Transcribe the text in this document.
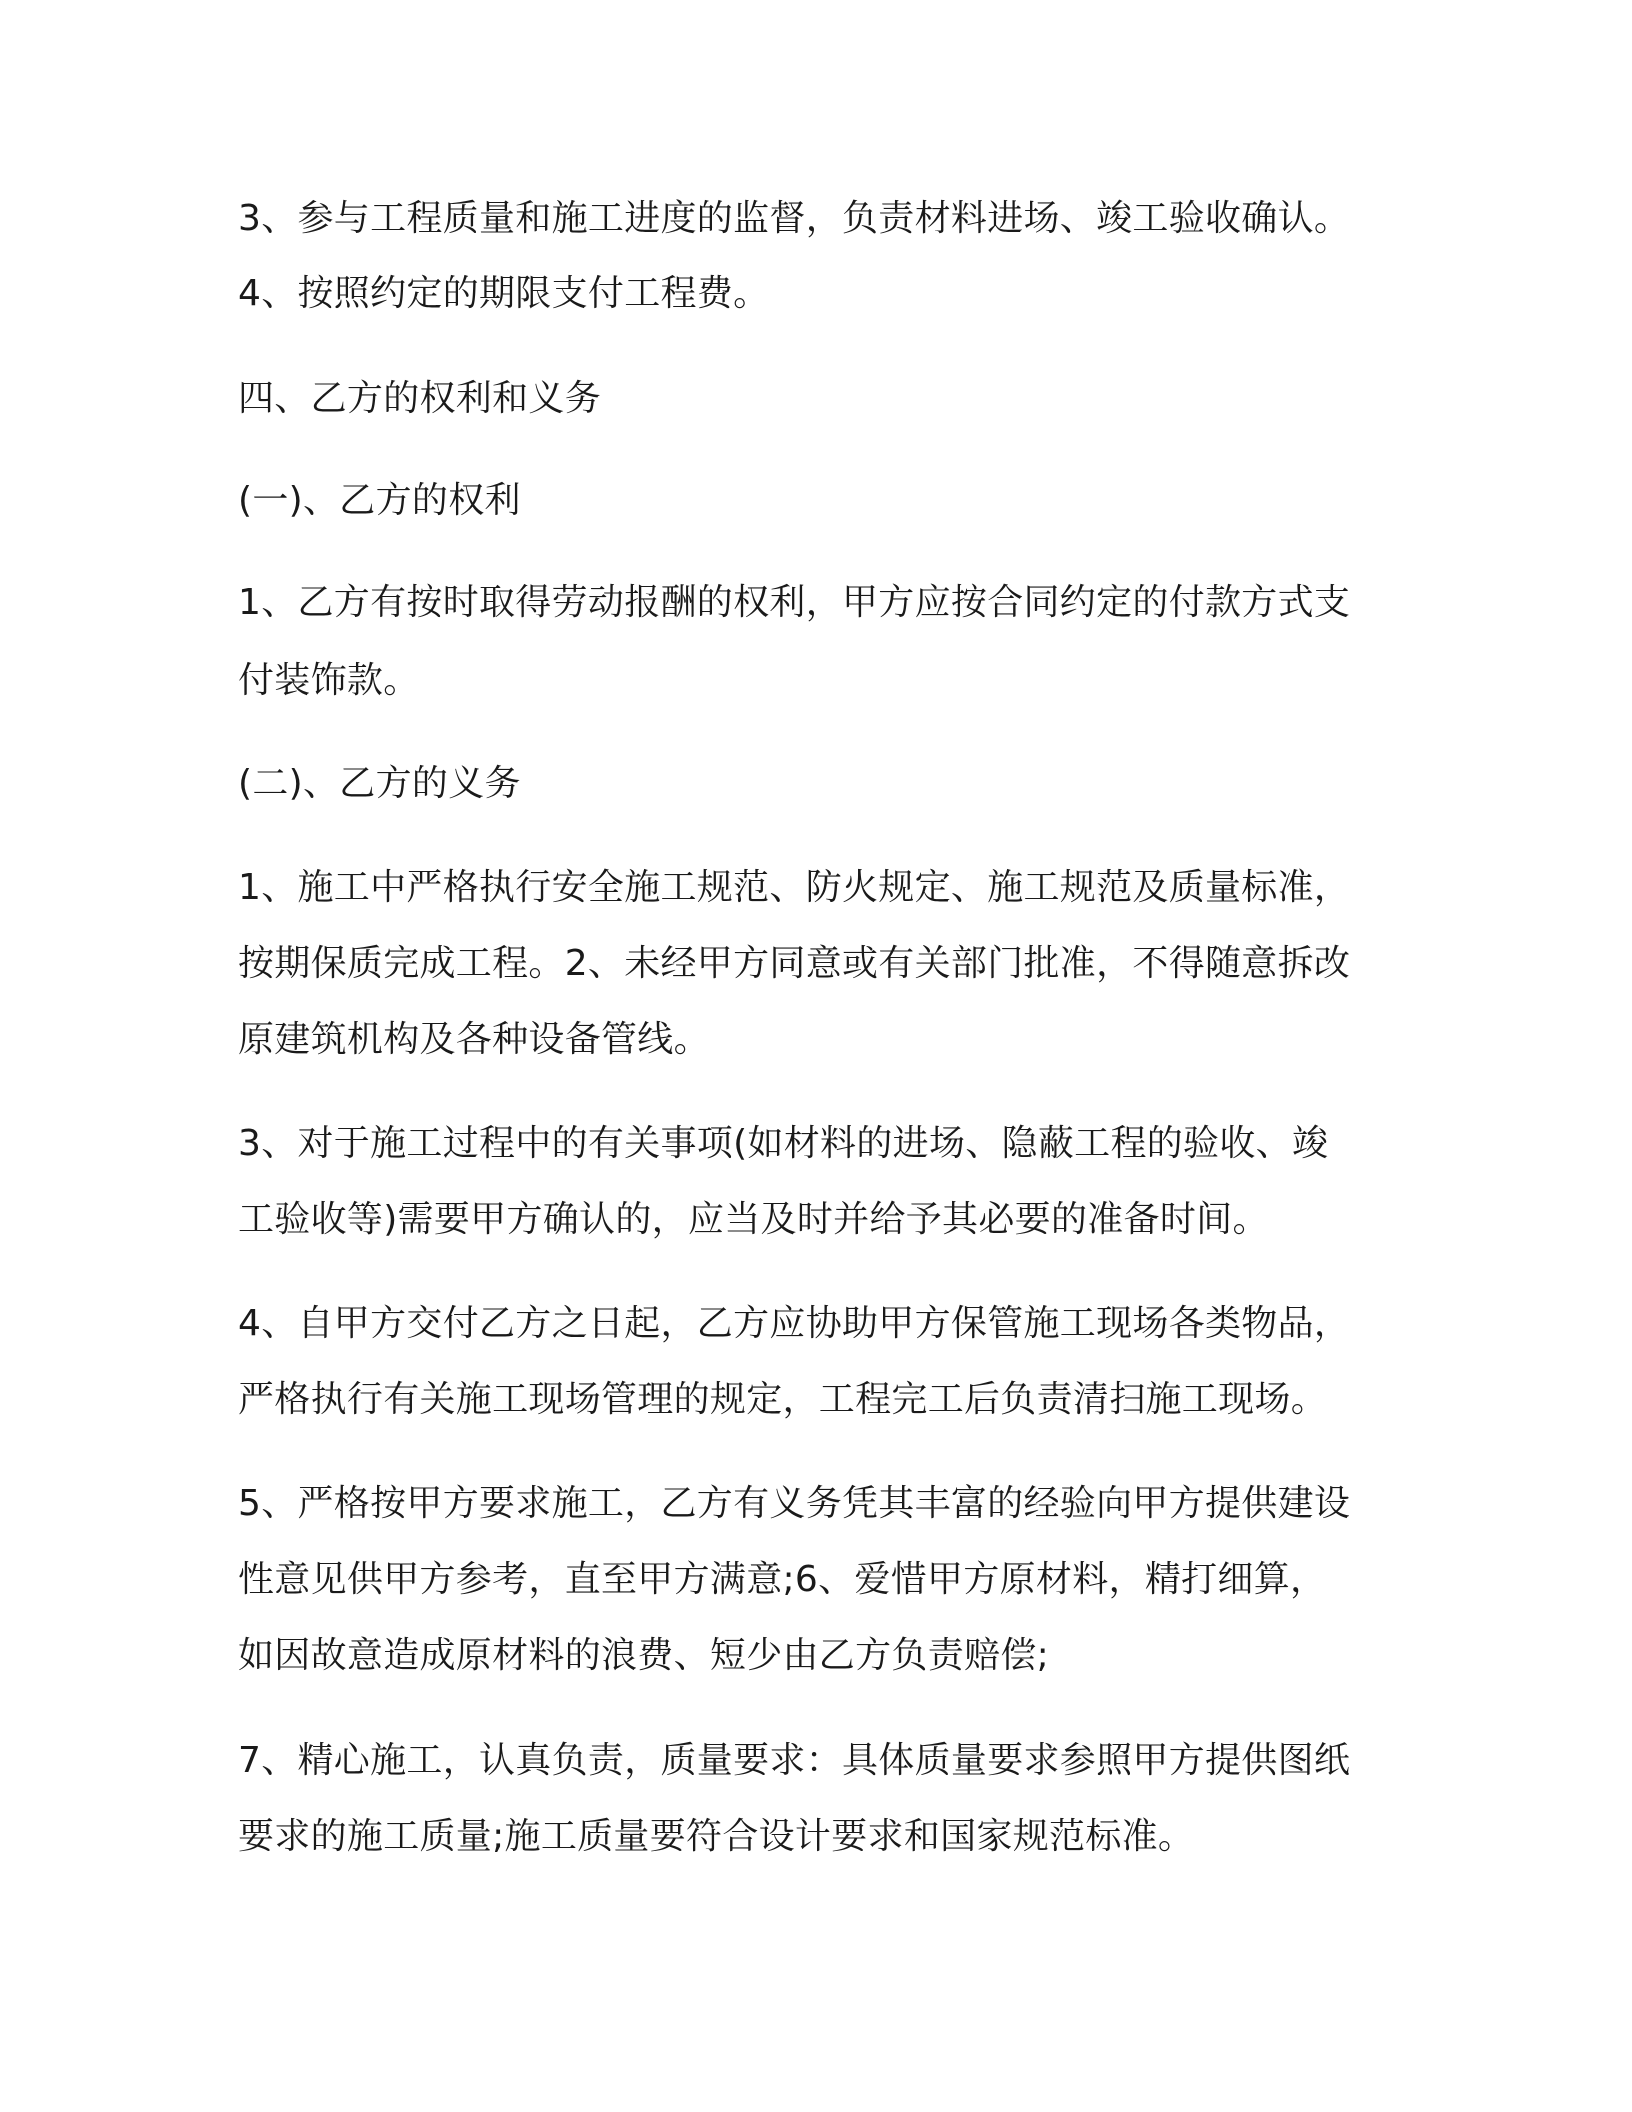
3、参与工程质量和施工进度的监督，负责材料进场、竣工验收确认。
4、按照约定的期限支付工程费。
四、乙方的权利和义务
(一)、乙方的权利
1、乙方有按时取得劳动报酬的权利，甲方应按合同约定的付款方式支
付装饰款。
(二)、乙方的义务
1、施工中严格执行安全施工规范、防火规定、施工规范及质量标准，
按期保质完成工程。2、未经甲方同意或有关部门批准，不得随意拆改
原建筑机构及各种设备管线。
3、对于施工过程中的有关事项(如材料的进场、隐蔽工程的验收、竣
工验收等)需要甲方确认的，应当及时并给予其必要的准备时间。
4、自甲方交付乙方之日起，乙方应协助甲方保管施工现场各类物品，
严格执行有关施工现场管理的规定，工程完工后负责清扫施工现场。
5、严格按甲方要求施工，乙方有义务凭其丰富的经验向甲方提供建设
性意见供甲方参考，直至甲方满意;6、爱惜甲方原材料，精打细算，
如因故意造成原材料的浪费、短少由乙方负责赔偿;
7、精心施工，认真负责，质量要求：具体质量要求参照甲方提供图纸
要求的施工质量;施工质量要符合设计要求和国家规范标准。
